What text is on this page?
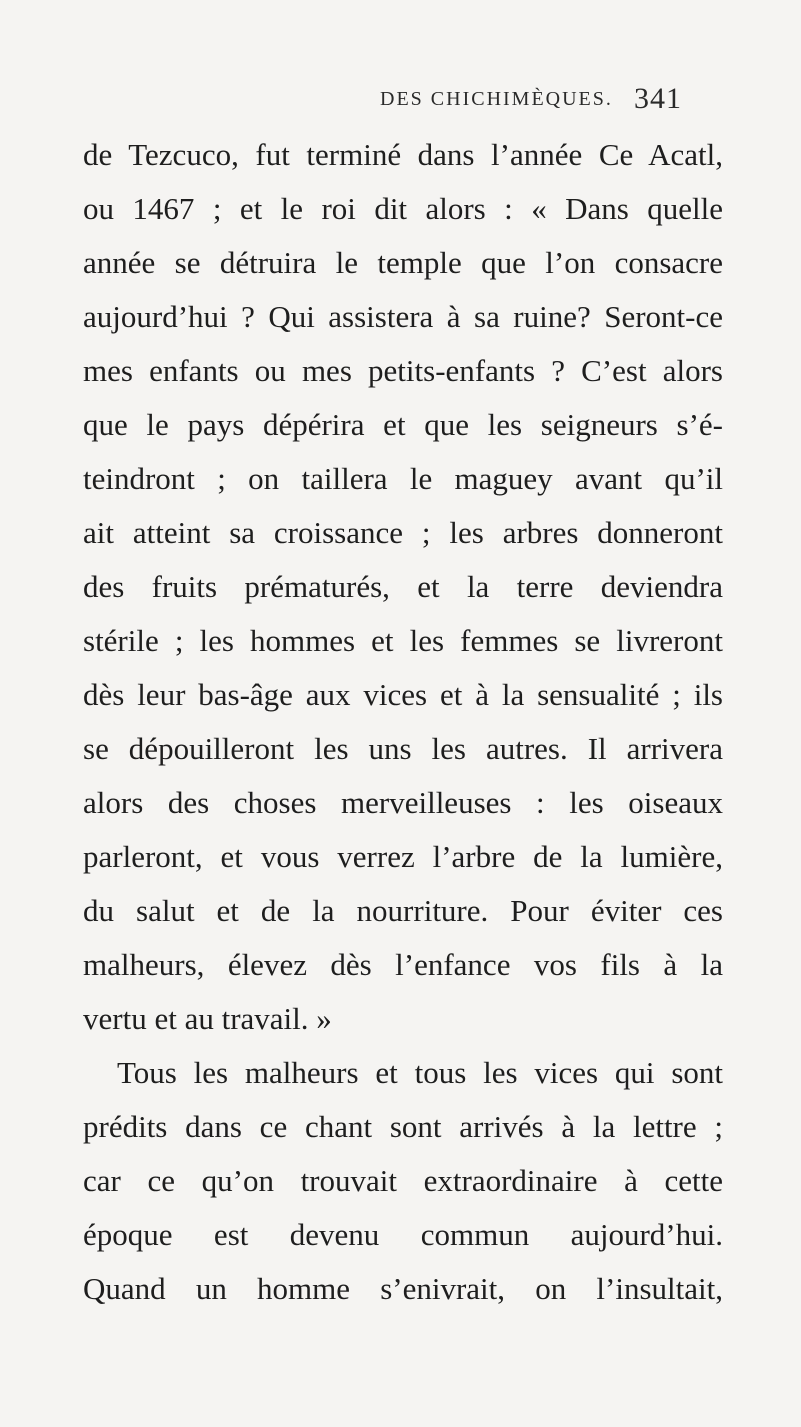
DES CHICHIMÈQUES. 341
de Tezcuco, fut terminé dans l’année Ce Acatl,
ou 1467 ; et le roi dit alors : « Dans quelle
année se détruira le temple que l’on consacre
aujourd’hui ? Qui assistera à sa ruine? Seront-ce
mes enfants ou mes petits-enfants ? C’est alors
que le pays dépérira et que les seigneurs s’é-
teindront ; on taillera le maguey avant qu’il
ait atteint sa croissance ; les arbres donneront
des fruits prématurés, et la terre deviendra
stérile ; les hommes et les femmes se livreront
dès leur bas-âge aux vices et à la sensualité ; ils
se dépouilleront les uns les autres. Il arrivera
alors des choses merveilleuses : les oiseaux
parleront, et vous verrez l’arbre de la lumière,
du salut et de la nourriture. Pour éviter ces
malheurs, élevez dès l’enfance vos fils à la
vertu et au travail. »
Tous les malheurs et tous les vices qui sont
prédits dans ce chant sont arrivés à la lettre ;
car ce qu’on trouvait extraordinaire à cette
époque est devenu commun aujourd’hui.
Quand un homme s’enivrait, on l’insultait,
